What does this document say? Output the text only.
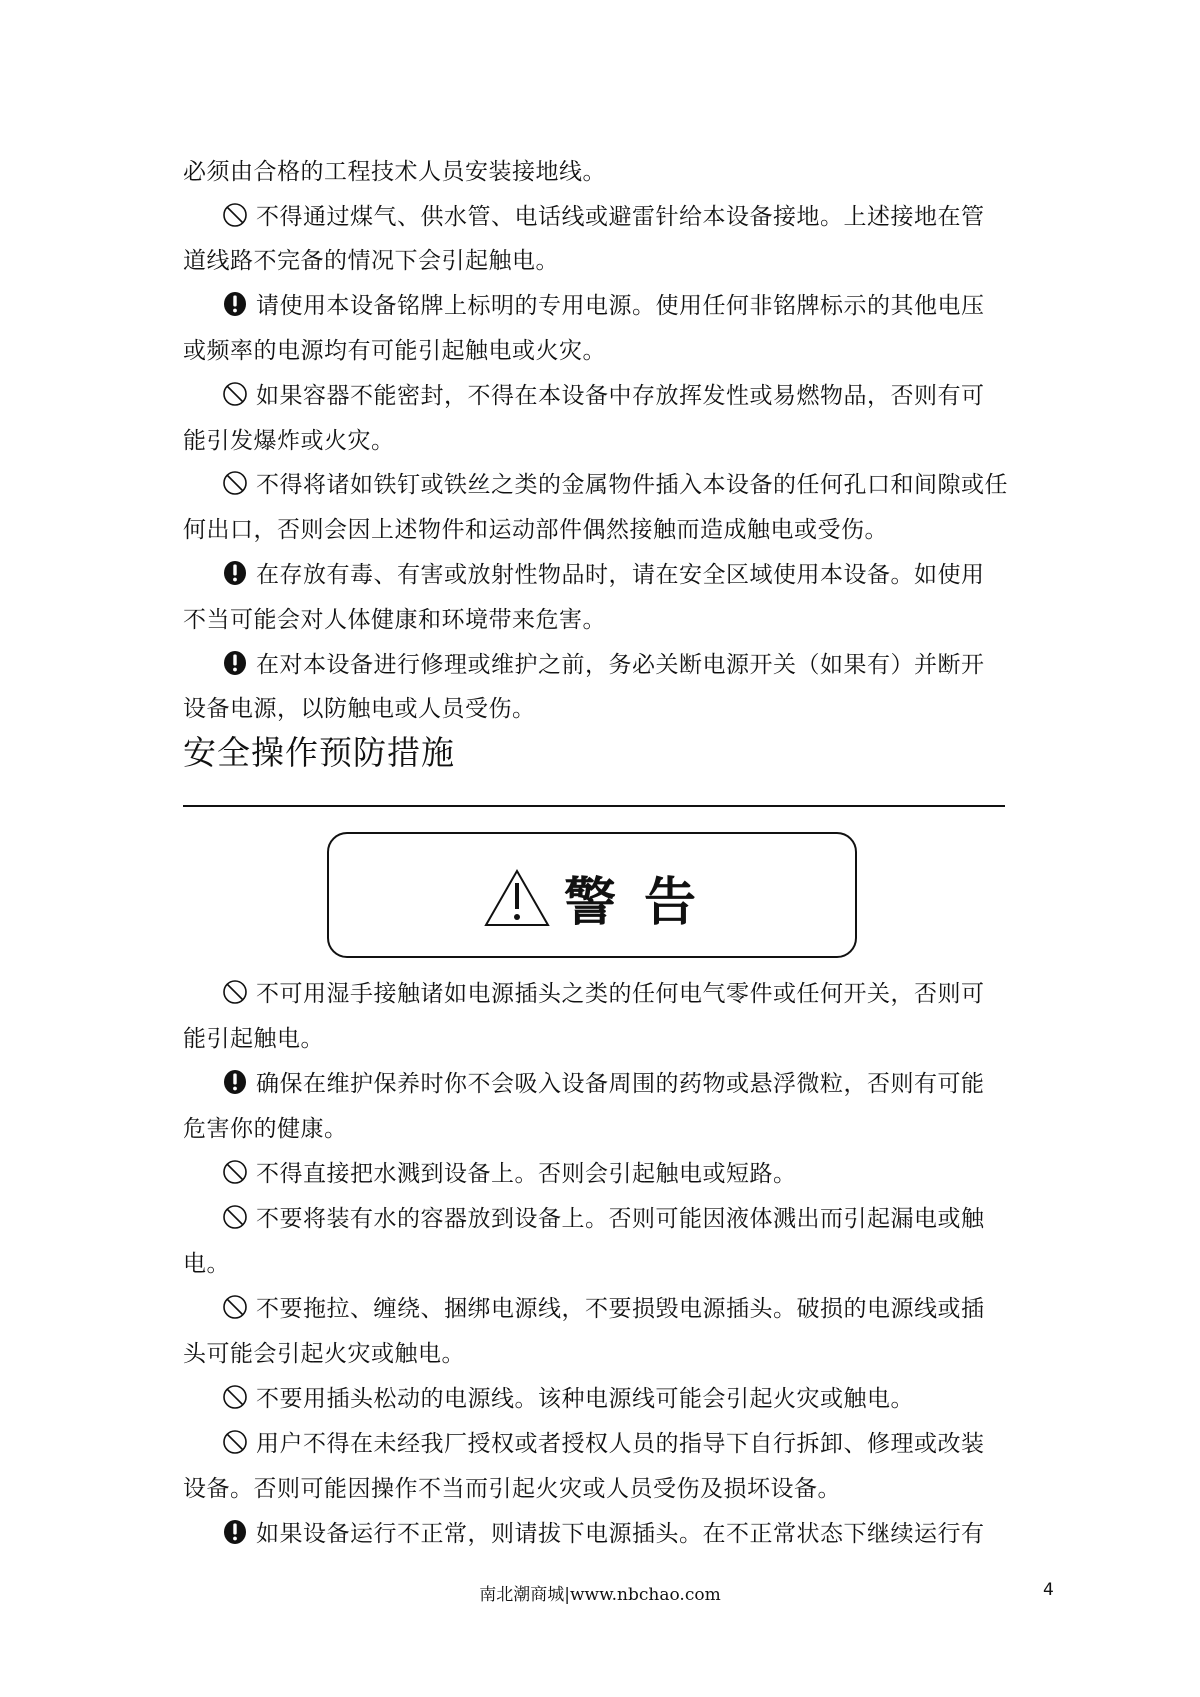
必须由合格的工程技术人员安装接地线。
不得通过煤气、供水管、电话线或避雷针给本设备接地。上述接地在管
道线路不完备的情况下会引起触电。
请使用本设备铭牌上标明的专用电源。使用任何非铭牌标示的其他电压
或频率的电源均有可能引起触电或火灾。
如果容器不能密封，不得在本设备中存放挥发性或易燃物品，否则有可
能引发爆炸或火灾。
不得将诸如铁钉或铁丝之类的金属物件插入本设备的任何孔口和间隙或任
何出口，否则会因上述物件和运动部件偶然接触而造成触电或受伤。
在存放有毒、有害或放射性物品时，请在安全区域使用本设备。如使用
不当可能会对人体健康和环境带来危害。
在对本设备进行修理或维护之前，务必关断电源开关（如果有）并断开
设备电源，以防触电或人员受伤。
不可用湿手接触诸如电源插头之类的任何电气零件或任何开关，否则可
能引起触电。
确保在维护保养时你不会吸入设备周围的药物或悬浮微粒，否则有可能
危害你的健康。
不得直接把水溅到设备上。否则会引起触电或短路。
不要将装有水的容器放到设备上。否则可能因液体溅出而引起漏电或触
电。
不要拖拉、缠绕、捆绑电源线，不要损毁电源插头。破损的电源线或插
头可能会引起火灾或触电。
不要用插头松动的电源线。该种电源线可能会引起火灾或触电。
用户不得在未经我厂授权或者授权人员的指导下自行拆卸、修理或改装
设备。否则可能因操作不当而引起火灾或人员受伤及损坏设备。
如果设备运行不正常，则请拔下电源插头。在不正常状态下继续运行有
安全操作预防措施
警告
南北潮商城|www.nbchao.com	4
